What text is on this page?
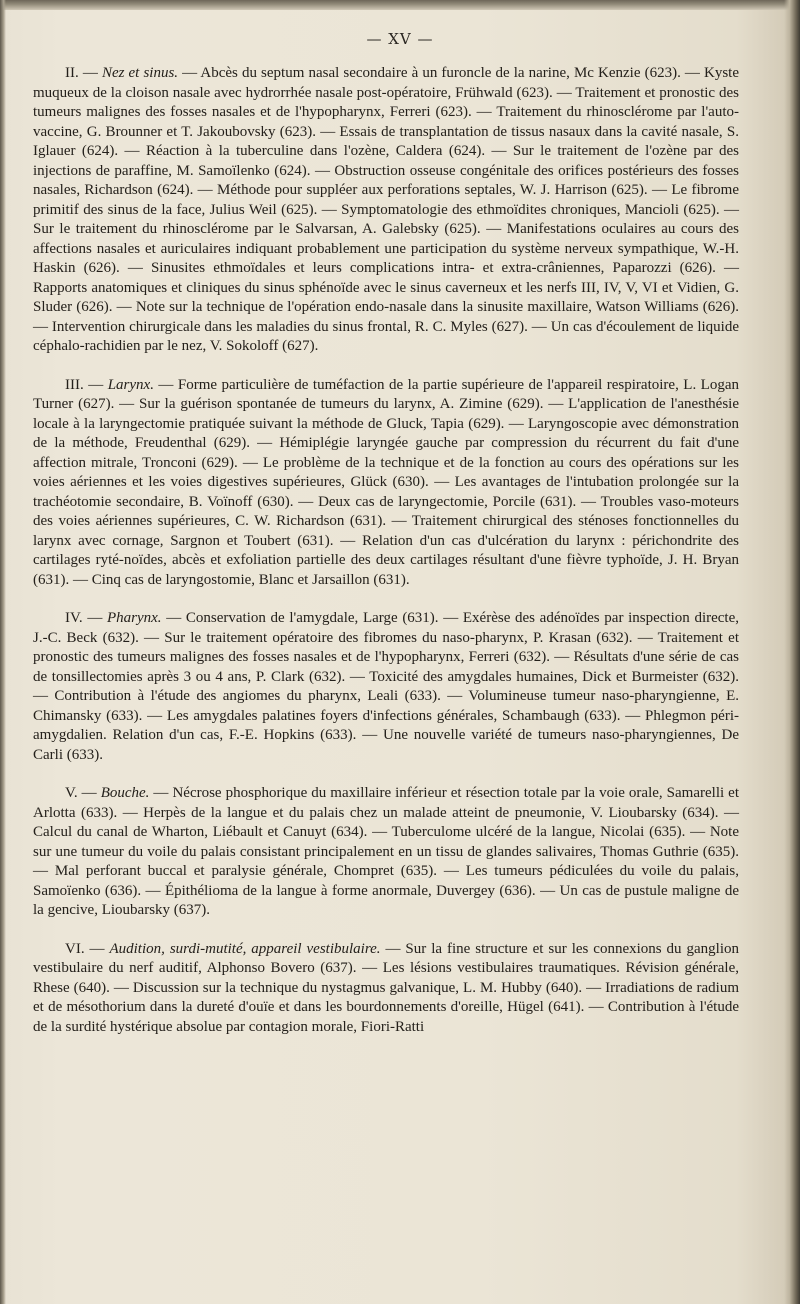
— XV —

II. — Nez et sinus. — Abcès du septum nasal secondaire à un furoncle de la narine, Mc Kenzie (623). — Kyste muqueux de la cloison nasale avec hydrorrhée nasale post-opératoire, Frühwald (623). — Traitement et pronostic des tumeurs malignes des fosses nasales et de l'hypopharynx, Ferreri (623). — Traitement du rhinosclérome par l'auto-vaccine, G. Brounner et T. Jakoubovsky (623). — Essais de transplantation de tissus nasaux dans la cavité nasale, S. Iglauer (624). — Réaction à la tuberculine dans l'ozène, Caldera (624). — Sur le traitement de l'ozène par des injections de paraffine, M. Samoïlenko (624). — Obstruction osseuse congénitale des orifices postérieurs des fosses nasales, Richardson (624). — Méthode pour suppléer aux perforations septales, W. J. Harrison (625). — Le fibrome primitif des sinus de la face, Julius Weil (625). — Symptomatologie des ethmoïdites chroniques, Mancioli (625). — Sur le traitement du rhinosclérome par le Salvarsan, A. Galebsky (625). — Manifestations oculaires au cours des affections nasales et auriculaires indiquant probablement une participation du système nerveux sympathique, W.-H. Haskin (626). — Sinusites ethmoïdales et leurs complications intra- et extra-crâniennes, Paparozzi (626). — Rapports anatomiques et cliniques du sinus sphénoïde avec le sinus caverneux et les nerfs III, IV, V, VI et Vidien, G. Sluder (626). — Note sur la technique de l'opération endo-nasale dans la sinusite maxillaire, Watson Williams (626). — Intervention chirurgicale dans les maladies du sinus frontal, R. C. Myles (627). — Un cas d'écoulement de liquide céphalo-rachidien par le nez, V. Sokoloff (627).

III. — Larynx. — Forme particulière de tuméfaction de la partie supérieure de l'appareil respiratoire, L. Logan Turner (627). — Sur la guérison spontanée de tumeurs du larynx, A. Zimine (629). — L'application de l'anesthésie locale à la laryngectomie pratiquée suivant la méthode de Gluck, Tapia (629). — Laryngoscopie avec démonstration de la méthode, Freudenthal (629). — Hémiplégie laryngée gauche par compression du récurrent du fait d'une affection mitrale, Tronconi (629). — Le problème de la technique et de la fonction au cours des opérations sur les voies aériennes et les voies digestives supérieures, Glück (630). — Les avantages de l'intubation prolongée sur la trachéotomie secondaire, B. Voïnoff (630). — Deux cas de laryngectomie, Porcile (631). — Troubles vaso-moteurs des voies aériennes supérieures, C. W. Richardson (631). — Traitement chirurgical des sténoses fonctionnelles du larynx avec cornage, Sargnon et Toubert (631). — Relation d'un cas d'ulcération du larynx : périchondrite des cartilages ryté-noïdes, abcès et exfoliation partielle des deux cartilages résultant d'une fièvre typhoïde, J. H. Bryan (631). — Cinq cas de laryngostomie, Blanc et Jarsaillon (631).

IV. — Pharynx. — Conservation de l'amygdale, Large (631). — Exérèse des adénoïdes par inspection directe, J.-C. Beck (632). — Sur le traitement opératoire des fibromes du naso-pharynx, P. Krasan (632). — Traitement et pronostic des tumeurs malignes des fosses nasales et de l'hypopharynx, Ferreri (632). — Résultats d'une série de cas de tonsillectomies après 3 ou 4 ans, P. Clark (632). — Toxicité des amygdales humaines, Dick et Burmeister (632). — Contribution à l'étude des angiomes du pharynx, Leali (633). — Volumineuse tumeur naso-pharyngienne, E. Chimansky (633). — Les amygdales palatines foyers d'infections générales, Schambaugh (633). — Phlegmon péri-amygdalien. Relation d'un cas, F.-E. Hopkins (633). — Une nouvelle variété de tumeurs naso-pharyngiennes, De Carli (633).

V. — Bouche. — Nécrose phosphorique du maxillaire inférieur et résection totale par la voie orale, Samarelli et Arlotta (633). — Herpès de la langue et du palais chez un malade atteint de pneumonie, V. Lioubarsky (634). — Calcul du canal de Wharton, Liébault et Canuyt (634). — Tuberculome ulcéré de la langue, Nicolai (635). — Note sur une tumeur du voile du palais consistant principalement en un tissu de glandes salivaires, Thomas Guthrie (635). — Mal perforant buccal et paralysie générale, Chompret (635). — Les tumeurs pédiculées du voile du palais, Samoïenko (636). — Épithélioma de la langue à forme anormale, Duvergey (636). — Un cas de pustule maligne de la gencive, Lioubarsky (637).

VI. — Audition, surdi-mutité, appareil vestibulaire. — Sur la fine structure et sur les connexions du ganglion vestibulaire du nerf auditif, Alphonso Bovero (637). — Les lésions vestibulaires traumatiques. Révision générale, Rhese (640). — Discussion sur la technique du nystagmus galvanique, L. M. Hubby (640). — Irradiations de radium et de mésothorium dans la dureté d'ouïe et dans les bourdonnements d'oreille, Hügel (641). — Contribution à l'étude de la surdité hystérique absolue par contagion morale, Fiori-Ratti
